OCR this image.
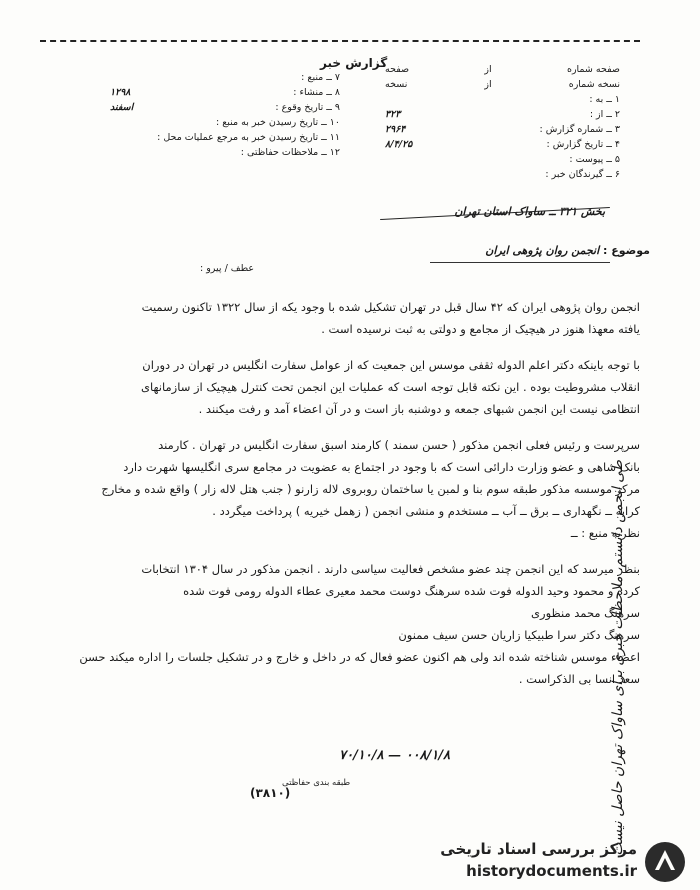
گزارش خبر
۷ ــ منبع :
۸ ــ منشاء :
۱۲۹۸
۹ ــ تاریخ وقوع :
اسفند
۱۰ ــ تاریخ رسیدن خبر به منبع :
۱۱ ــ تاریخ رسیدن خبر به مرجع عملیات محل :
۱۲ ــ ملاحظات حفاظتی :
صفحه شماره
از
صفحه
نسخه شماره
از
نسخه
۱ ــ به :
۲ ــ از :
۳۲۳
۳ ــ شماره گزارش :
۲۹۶۴
۴ ــ تاریخ گزارش :
۸/۴/۲۵
۵ ــ پیوست :
۶ ــ گیرندگان خبر :
بخش ۳۲۱ ــ ساواک استان تهران
موضوع : انجمن روان پژوهی ایران
عطف / پیرو :

انجمن روان پژوهی ایران که ۴۲ سال قبل در تهران تشکیل شده با وجود یکه از سال ۱۳۲۲ تاکنون رسمیت

یافته معهذا هنوز در هیچیک از مجامع و دولتی به ثبت نرسیده است .

با توجه باینکه دکتر اعلم الدوله ثقفی موسس این جمعیت که از عوامل سفارت انگلیس در تهران در دوران

انقلاب مشروطیت بوده . این نکته قابل توجه است که عملیات این انجمن تحت کنترل هیچیک از سازمانهای

انتظامی نیست این انجمن شبهای جمعه و دوشنبه باز است و در آن اعضاء آمد و رفت میکنند .

سرپرست و رئیس فعلی انجمن مذکور ( حسن سمند ) کارمند اسبق سفارت انگلیس در تهران . کارمند

بانک شاهی و عضو وزارت دارائی است که با وجود در اجتماع به عضویت در مجامع سری انگلیسها شهرت دارد

مرکز موسسه مذکور طبقه سوم بنا و لمبن یا ساختمان روبروی لاله زارنو ( جنب هتل لاله زار ) واقع شده و مخارج

کرایه ــ نگهداری ــ برق ــ آب ــ مستخدم و منشی انجمن ( زهمل خیریه ) پرداخت میگردد .

نظریه منبع : ــ

بنظر میرسد که این انجمن چند عضو مشخص فعالیت سیاسی دارند . انجمن مذکور در سال ۱۳۰۴ انتخابات

کرده و محمود وحید الدوله فوت شده سرهنگ دوست محمد معیری عطاء الدوله رومی فوت شده

سرهنگ محمد منظوری

سرهنگ دکتر سرا طبیکیا زاریان حسن سیف ممنون

اعضاء موسس شناخته شده اند ولی هم اکنون عضو فعال که در داخل و خارج و در تشکیل جلسات را اداره میکند حسن

سعد انسا بی الذکراست .

طی انجمن دانستم، ملاحظات خبری برای ساواک تهران حاصل نیست
۰۰۸/۱/۸ — ۷۰/۱۰/۸
طبقه بندی حفاظتی
(۳۸۱۰)
مرکز بررسی اسناد تاریخی
historydocuments.ir
